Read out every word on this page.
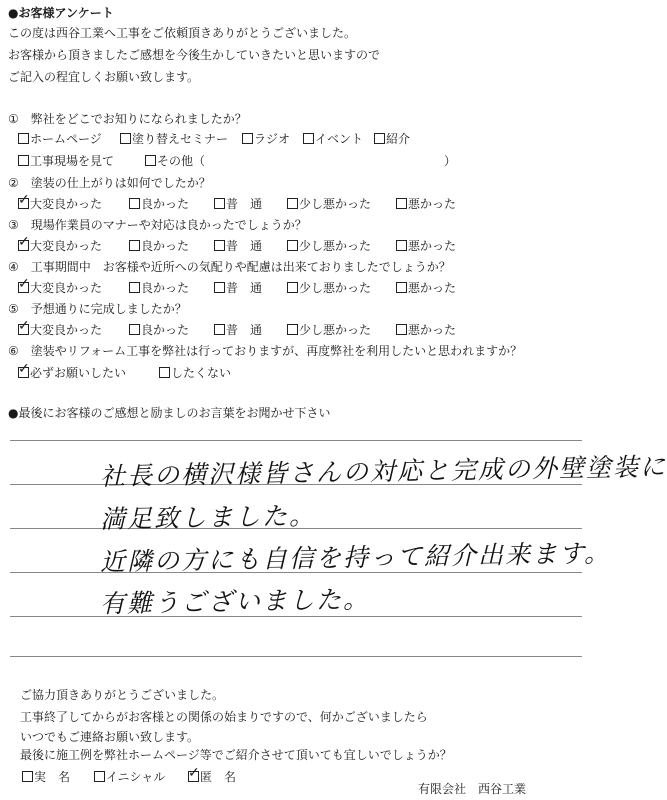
●お客様アンケート
この度は西谷工業へ工事をご依頼頂きありがとうございました。
お客様から頂きましたご感想を今後生かしていきたいと思いますので
ご記入の程宜しくお願い致します。
①　弊社をどこでお知りになられましたか？
ホームページ	塗り替えセミナー	ラジオ	イベント	紹介
工事現場を見て	その他（	）
②　塗装の仕上がりは如何でしたか？
✓ 大変良かった	良かった	普　通	少し悪かった	悪かった
③　現場作業員のマナーや対応は良かったでしょうか？
✓ 大変良かった	良かった	普　通	少し悪かった	悪かった
④　工事期間中　お客様や近所への気配りや配慮は出来ておりましたでしょうか？
✓ 大変良かった	良かった	普　通	少し悪かった	悪かった
⑤　予想通りに完成しましたか？
✓ 大変良かった	良かった	普　通	少し悪かった	悪かった
⑥　塗装やリフォーム工事を弊社は行っておりますが、再度弊社を利用したいと思われますか？
✓ 必ずお願いしたい	したくない
●最後にお客様のご感想と励ましのお言葉をお聞かせ下さい
社長の横沢様皆さんの対応と完成の外壁塗装に
満足致しました。
近隣の方にも自信を持って紹介出来ます。
有難うございました。
ご協力頂きありがとうございました。
工事終了してからがお客様との関係の始まりですので、何かございましたら
いつでもご連絡お願い致します。
最後に施工例を弊社ホームページ等でご紹介させて頂いても宜しいでしょうか？
実　名	イニシャル ✓ 匿　名
有限会社　西谷工業
